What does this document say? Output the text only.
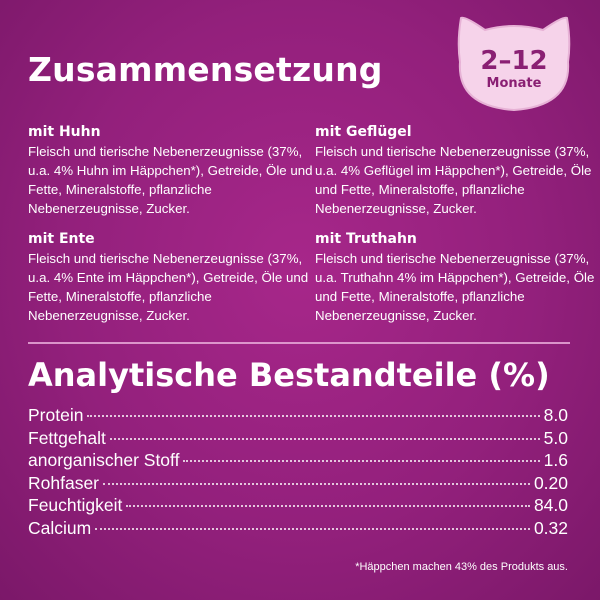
Zusammensetzung	2–12
Monate
mit Huhn
Fleisch und tierische Nebenerzeugnisse (37%, u.a. 4% Huhn im Häppchen*), Getreide, Öle und Fette, Mineralstoffe, pflanzliche Nebenerzeugnisse, Zucker.
mit Geflügel
Fleisch und tierische Nebenerzeugnisse (37%, u.a. 4% Geflügel im Häppchen*), Getreide, Öle und Fette, Mineralstoffe, pflanzliche Nebenerzeugnisse, Zucker.
mit Ente
Fleisch und tierische Nebenerzeugnisse (37%, u.a. 4% Ente im Häppchen*), Getreide, Öle und Fette, Mineralstoffe, pflanzliche Nebenerzeugnisse, Zucker.
mit Truthahn
Fleisch und tierische Nebenerzeugnisse (37%, u.a. Truthahn 4% im Häppchen*), Getreide, Öle und Fette, Mineralstoffe, pflanzliche Nebenerzeugnisse, Zucker.
Analytische Bestandteile (%)
Protein	8.0
Fettgehalt	5.0
anorganischer Stoff	1.6
Rohfaser	0.20
Feuchtigkeit	84.0
Calcium	0.32
*Häppchen machen 43% des Produkts aus.
